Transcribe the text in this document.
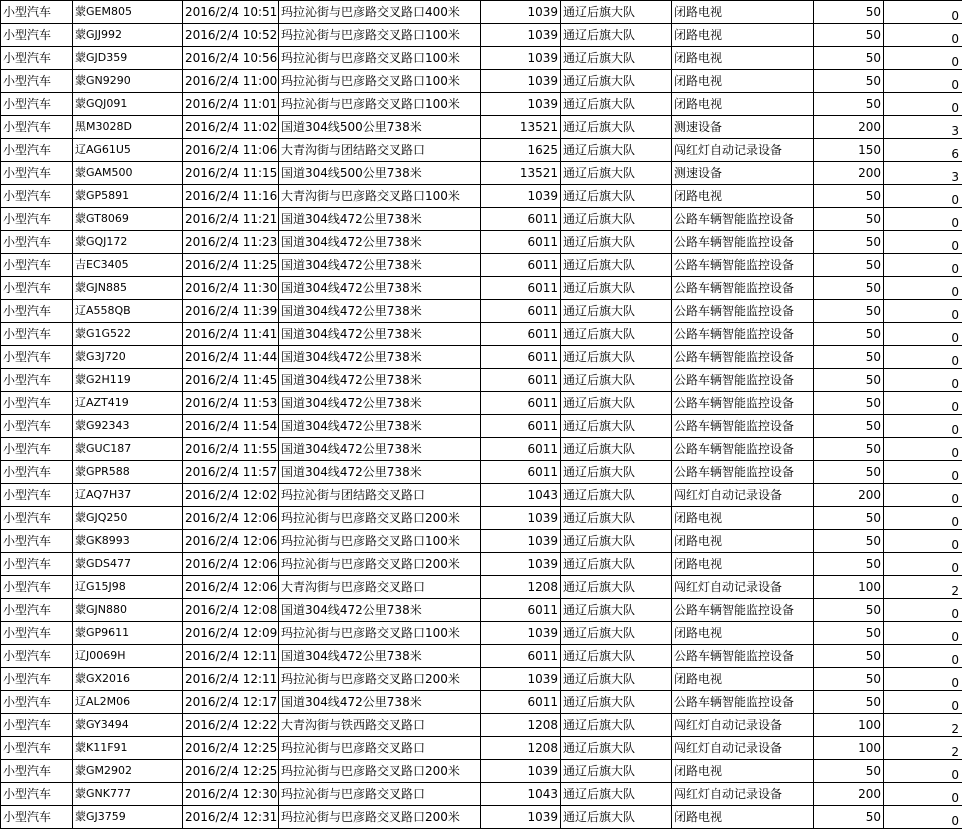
小型汽车	蒙GEM805	2016/2/4 10:51	玛拉沁街与巴彦路交叉路口400米	1039	通辽后旗大队	闭路电视	50	0
小型汽车	蒙GJJ992	2016/2/4 10:52	玛拉沁街与巴彦路交叉路口100米	1039	通辽后旗大队	闭路电视	50	0
小型汽车	蒙GJD359	2016/2/4 10:56	玛拉沁街与巴彦路交叉路口100米	1039	通辽后旗大队	闭路电视	50	0
小型汽车	蒙GN9290	2016/2/4 11:00	玛拉沁街与巴彦路交叉路口100米	1039	通辽后旗大队	闭路电视	50	0
小型汽车	蒙GQJ091	2016/2/4 11:01	玛拉沁街与巴彦路交叉路口100米	1039	通辽后旗大队	闭路电视	50	0
小型汽车	黑M3028D	2016/2/4 11:02	国道304线500公里738米	13521	通辽后旗大队	测速设备	200	3
小型汽车	辽AG61U5	2016/2/4 11:06	大青沟街与团结路交叉路口	1625	通辽后旗大队	闯红灯自动记录设备	150	6
小型汽车	蒙GAM500	2016/2/4 11:15	国道304线500公里738米	13521	通辽后旗大队	测速设备	200	3
小型汽车	蒙GP5891	2016/2/4 11:16	大青沟街与巴彦路交叉路口100米	1039	通辽后旗大队	闭路电视	50	0
小型汽车	蒙GT8069	2016/2/4 11:21	国道304线472公里738米	6011	通辽后旗大队	公路车辆智能监控设备	50	0
小型汽车	蒙GQJ172	2016/2/4 11:23	国道304线472公里738米	6011	通辽后旗大队	公路车辆智能监控设备	50	0
小型汽车	吉EC3405	2016/2/4 11:25	国道304线472公里738米	6011	通辽后旗大队	公路车辆智能监控设备	50	0
小型汽车	蒙GJN885	2016/2/4 11:30	国道304线472公里738米	6011	通辽后旗大队	公路车辆智能监控设备	50	0
小型汽车	辽A558QB	2016/2/4 11:39	国道304线472公里738米	6011	通辽后旗大队	公路车辆智能监控设备	50	0
小型汽车	蒙G1G522	2016/2/4 11:41	国道304线472公里738米	6011	通辽后旗大队	公路车辆智能监控设备	50	0
小型汽车	蒙G3J720	2016/2/4 11:44	国道304线472公里738米	6011	通辽后旗大队	公路车辆智能监控设备	50	0
小型汽车	蒙G2H119	2016/2/4 11:45	国道304线472公里738米	6011	通辽后旗大队	公路车辆智能监控设备	50	0
小型汽车	辽AZT419	2016/2/4 11:53	国道304线472公里738米	6011	通辽后旗大队	公路车辆智能监控设备	50	0
小型汽车	蒙G92343	2016/2/4 11:54	国道304线472公里738米	6011	通辽后旗大队	公路车辆智能监控设备	50	0
小型汽车	蒙GUC187	2016/2/4 11:55	国道304线472公里738米	6011	通辽后旗大队	公路车辆智能监控设备	50	0
小型汽车	蒙GPR588	2016/2/4 11:57	国道304线472公里738米	6011	通辽后旗大队	公路车辆智能监控设备	50	0
小型汽车	辽AQ7H37	2016/2/4 12:02	玛拉沁街与团结路交叉路口	1043	通辽后旗大队	闯红灯自动记录设备	200	0
小型汽车	蒙GJQ250	2016/2/4 12:06	玛拉沁街与巴彦路交叉路口200米	1039	通辽后旗大队	闭路电视	50	0
小型汽车	蒙GK8993	2016/2/4 12:06	玛拉沁街与巴彦路交叉路口100米	1039	通辽后旗大队	闭路电视	50	0
小型汽车	蒙GDS477	2016/2/4 12:06	玛拉沁街与巴彦路交叉路口200米	1039	通辽后旗大队	闭路电视	50	0
小型汽车	辽G15J98	2016/2/4 12:06	大青沟街与巴彦路交叉路口	1208	通辽后旗大队	闯红灯自动记录设备	100	2
小型汽车	蒙GJN880	2016/2/4 12:08	国道304线472公里738米	6011	通辽后旗大队	公路车辆智能监控设备	50	0
小型汽车	蒙GP9611	2016/2/4 12:09	玛拉沁街与巴彦路交叉路口100米	1039	通辽后旗大队	闭路电视	50	0
小型汽车	辽J0069H	2016/2/4 12:11	国道304线472公里738米	6011	通辽后旗大队	公路车辆智能监控设备	50	0
小型汽车	蒙GX2016	2016/2/4 12:11	玛拉沁街与巴彦路交叉路口200米	1039	通辽后旗大队	闭路电视	50	0
小型汽车	辽AL2M06	2016/2/4 12:17	国道304线472公里738米	6011	通辽后旗大队	公路车辆智能监控设备	50	0
小型汽车	蒙GY3494	2016/2/4 12:22	大青沟街与铁西路交叉路口	1208	通辽后旗大队	闯红灯自动记录设备	100	2
小型汽车	蒙K11F91	2016/2/4 12:25	玛拉沁街与巴彦路交叉路口	1208	通辽后旗大队	闯红灯自动记录设备	100	2
小型汽车	蒙GM2902	2016/2/4 12:25	玛拉沁街与巴彦路交叉路口200米	1039	通辽后旗大队	闭路电视	50	0
小型汽车	蒙GNK777	2016/2/4 12:30	玛拉沁街与巴彦路交叉路口	1043	通辽后旗大队	闯红灯自动记录设备	200	0
小型汽车	蒙GJ3759	2016/2/4 12:31	玛拉沁街与巴彦路交叉路口200米	1039	通辽后旗大队	闭路电视	50	0
